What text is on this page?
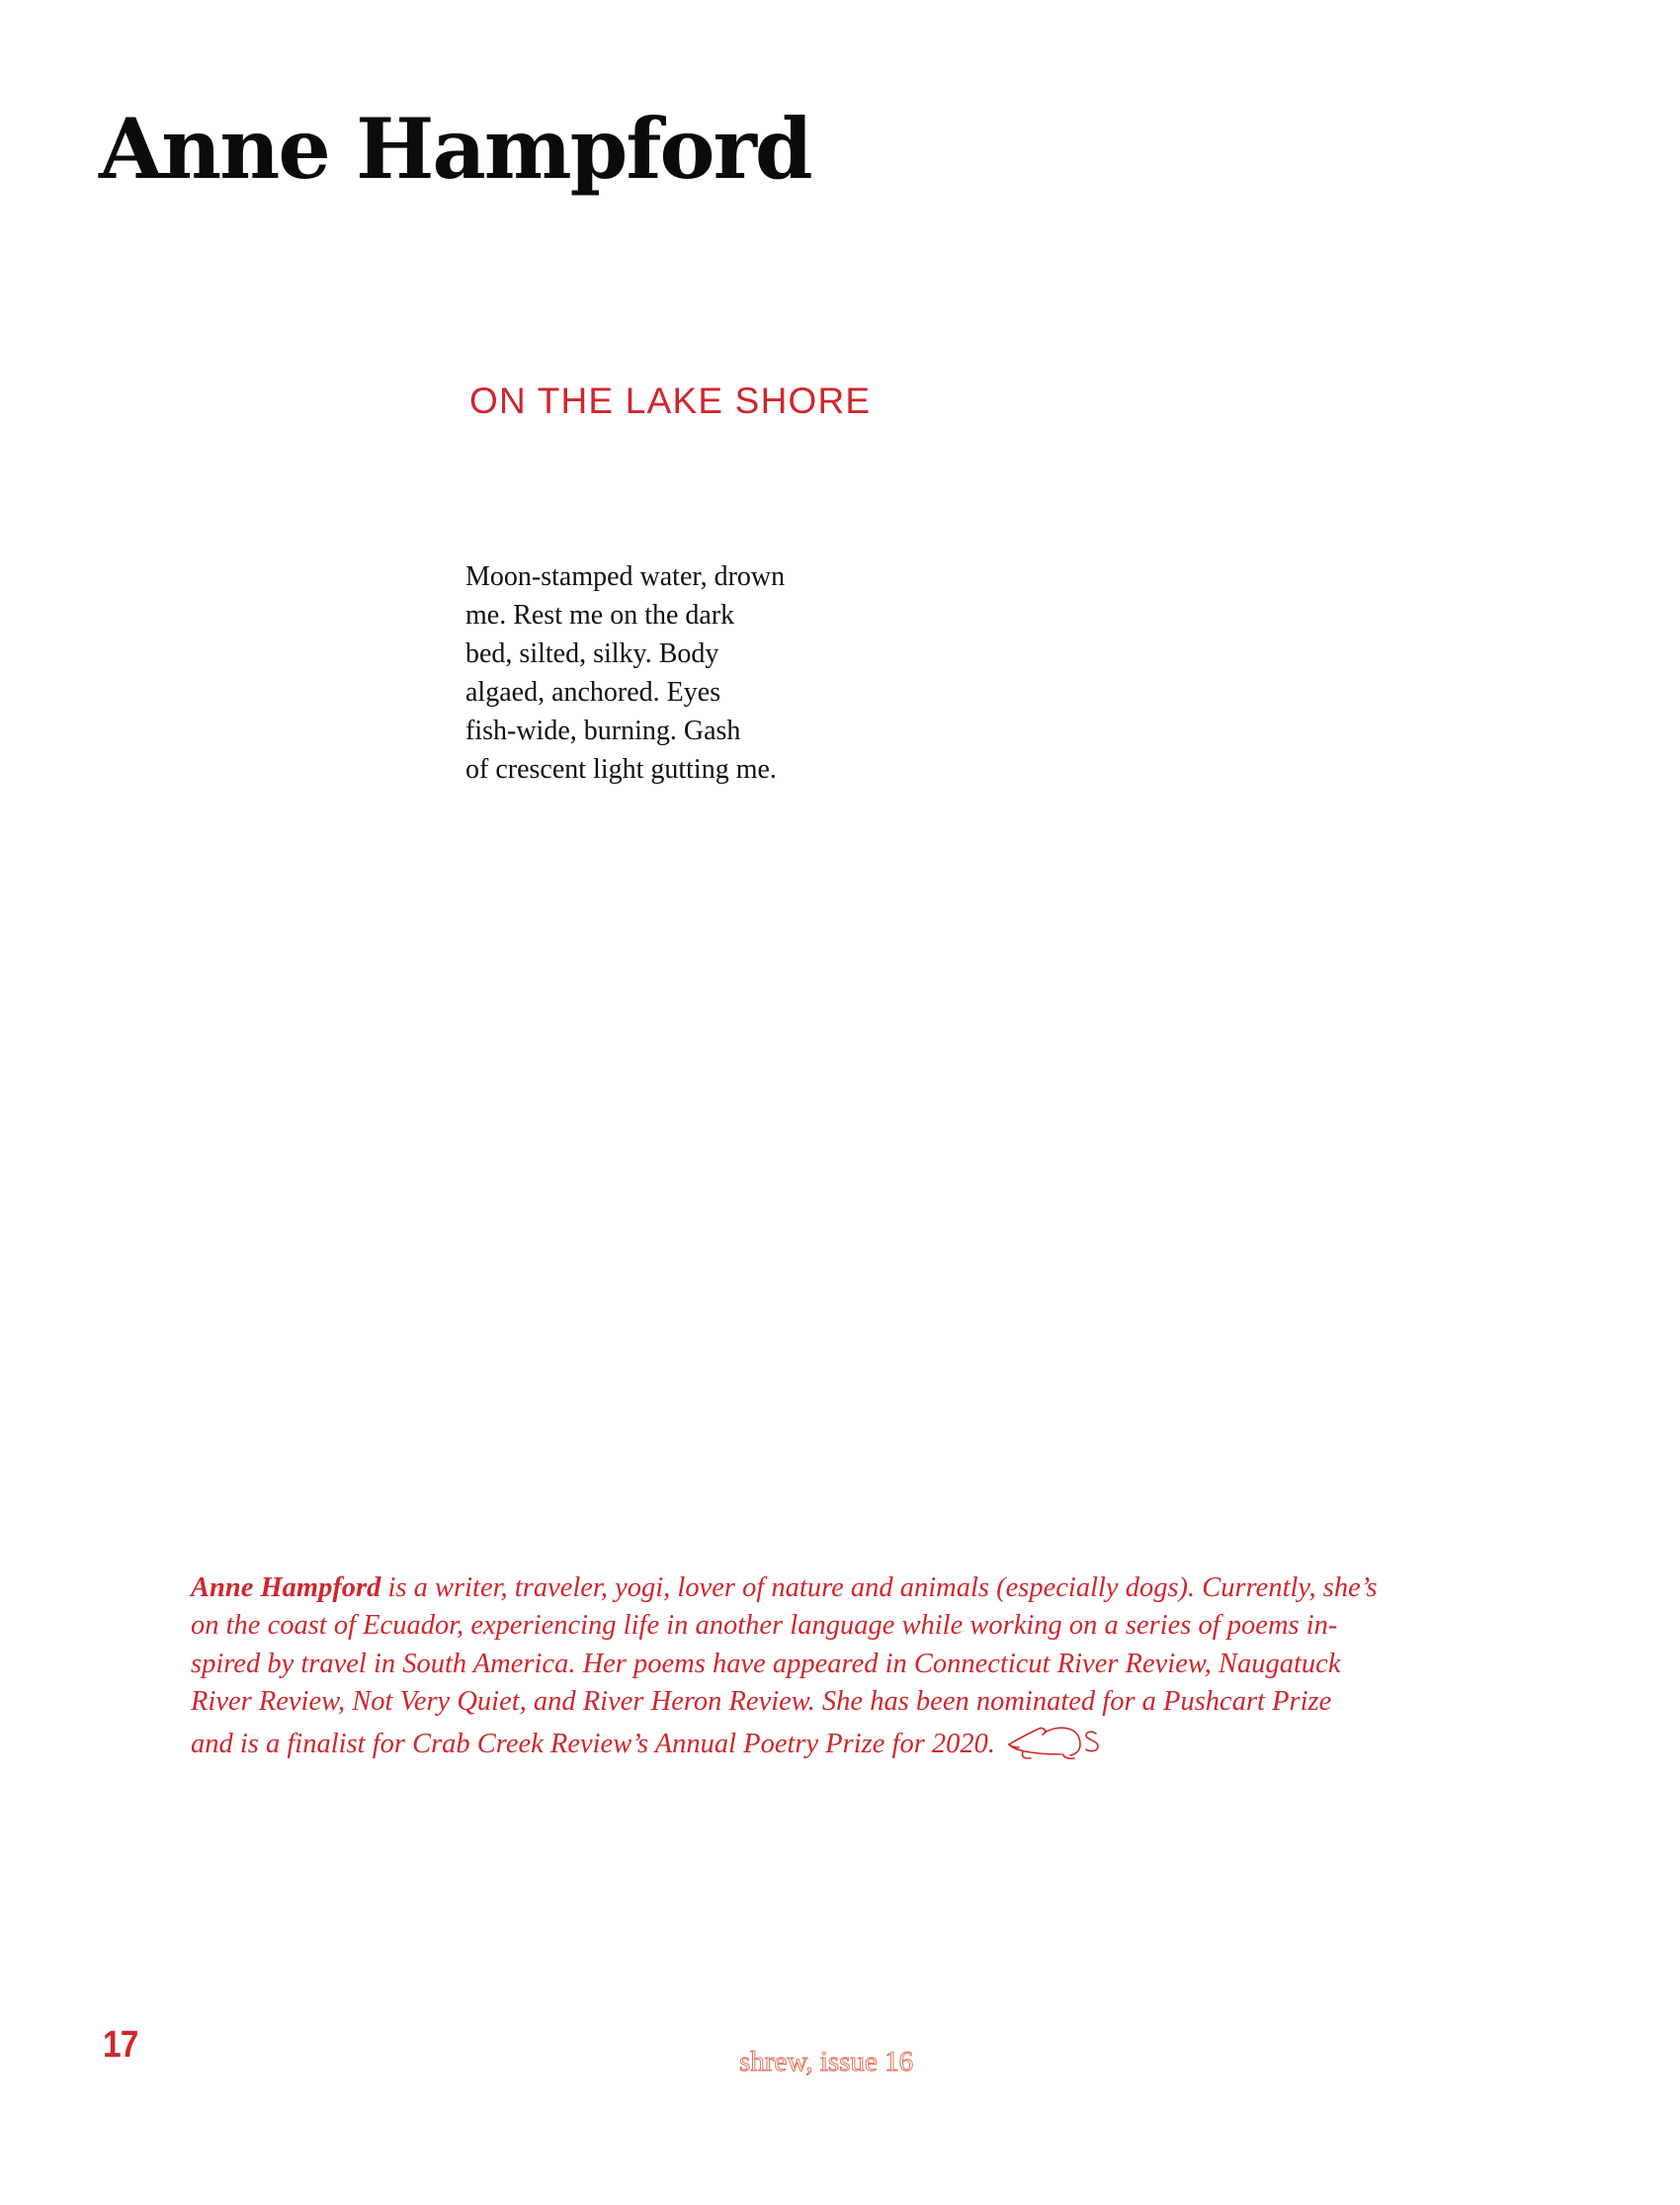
Anne Hampford
ON THE LAKE SHORE
Moon-stamped water, drown
me. Rest me on the dark
bed, silted, silky. Body
algaed, anchored. Eyes
fish-wide, burning. Gash
of crescent light gutting me.
Anne Hampford is a writer, traveler, yogi, lover of nature and animals (especially dogs). Currently, she’s
on the coast of Ecuador, experiencing life in another language while working on a series of poems in-
spired by travel in South America. Her poems have appeared in Connecticut River Review, Naugatuck
River Review, Not Very Quiet, and River Heron Review. She has been nominated for a Pushcart Prize
and is a finalist for Crab Creek Review’s Annual Poetry Prize for 2020.
17	shrew, issue 16
